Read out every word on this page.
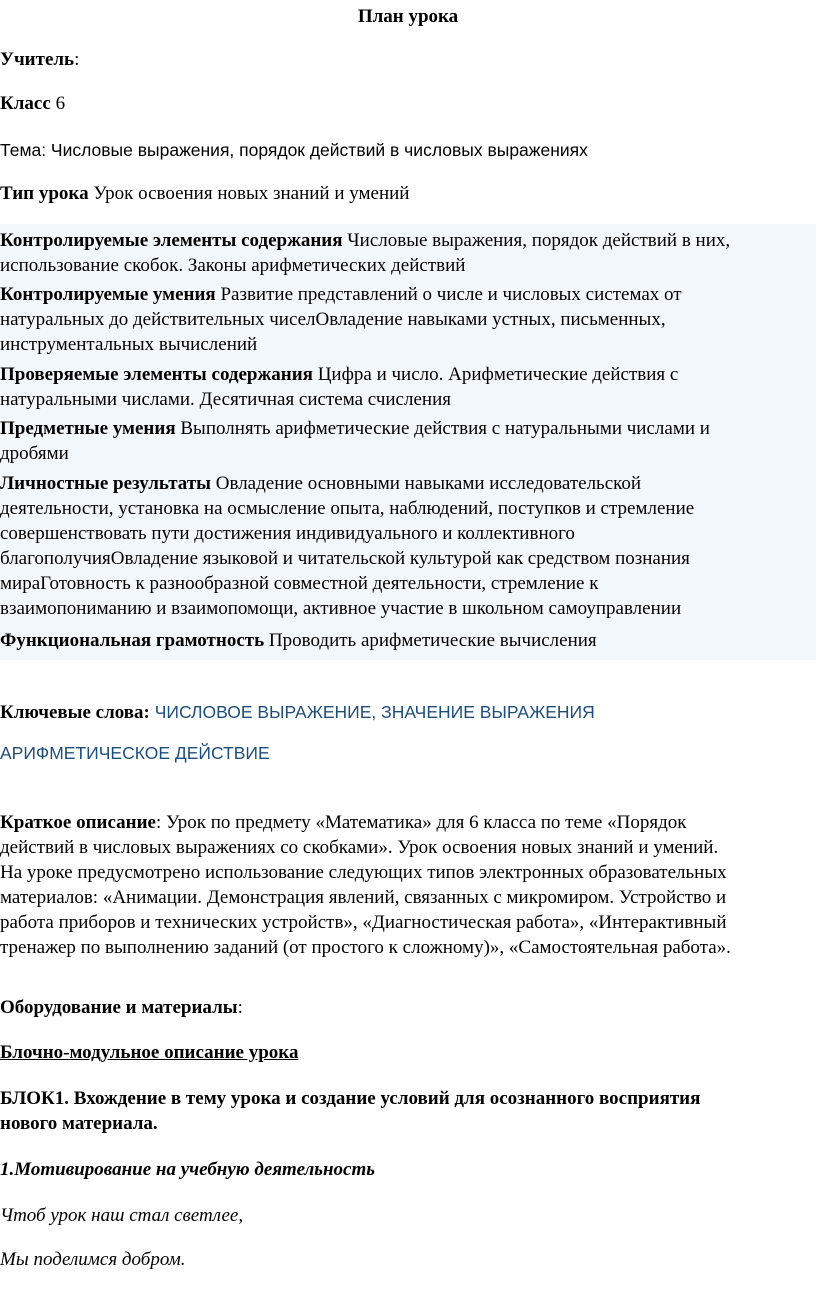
План урока

Учитель:

Класс 6

Тема: Числовые выражения, порядок действий в числовых выражениях

Тип урока Урок освоения новых знаний и умений

Контролируемые элементы содержания Числовые выражения, порядок действий в них,
использование скобок. Законы арифметических действий

Контролируемые умения Развитие представлений о числе и числовых системах от
натуральных до действительных чиселОвладение навыками устных, письменных,
инструментальных вычислений

Проверяемые элементы содержания Цифра и число. Арифметические действия с
натуральными числами. Десятичная система счисления

Предметные умения Выполнять арифметические действия с натуральными числами и
дробями

Личностные результаты Овладение основными навыками исследовательской
деятельности, установка на осмысление опыта, наблюдений, поступков и стремление
совершенствовать пути достижения индивидуального и коллективного
благополучияОвладение языковой и читательской культурой как средством познания
мираГотовность к разнообразной совместной деятельности, стремление к
взаимопониманию и взаимопомощи, активное участие в школьном самоуправлении

Функциональная грамотность Проводить арифметические вычисления

Ключевые слова: ЧИСЛОВОЕ ВЫРАЖЕНИЕ, ЗНАЧЕНИЕ ВЫРАЖЕНИЯ

АРИФМЕТИЧЕСКОЕ ДЕЙСТВИЕ

Краткое описание: Урок по предмету «Математика» для 6 класса по теме «Порядок
действий в числовых выражениях со скобками». Урок освоения новых знаний и умений.
На уроке предусмотрено использование следующих типов электронных образовательных
материалов: «Анимации. Демонстрация явлений, связанных с микромиром. Устройство и
работа приборов и технических устройств», «Диагностическая работа», «Интерактивный
тренажер по выполнению заданий (от простого к сложному)», «Самостоятельная работа».

Оборудование и материалы:

Блочно-модульное описание урока

БЛОК1. Вхождение в тему урока и создание условий для осознанного восприятия
нового материала.

1.Мотивирование на учебную деятельность

Чтоб урок наш стал светлее,

Мы поделимся добром.
